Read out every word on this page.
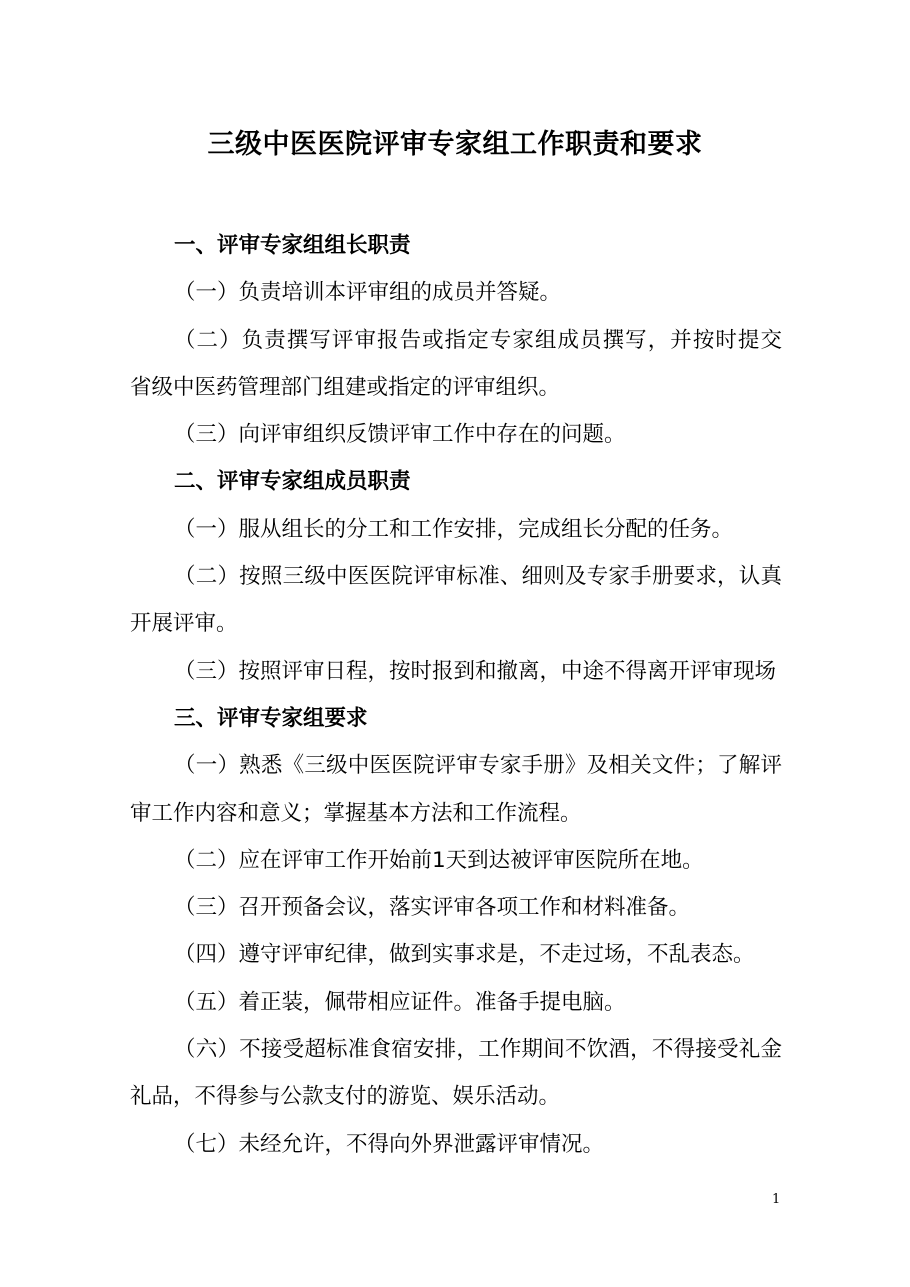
三级中医医院评审专家组工作职责和要求
一、评审专家组组长职责
（一）负责培训本评审组的成员并答疑。
（二）负责撰写评审报告或指定专家组成员撰写，并按时提交
省级中医药管理部门组建或指定的评审组织。
（三）向评审组织反馈评审工作中存在的问题。
二、评审专家组成员职责
（一）服从组长的分工和工作安排，完成组长分配的任务。
（二）按照三级中医医院评审标准、细则及专家手册要求，认真
开展评审。
（三）按照评审日程，按时报到和撤离，中途不得离开评审现场
三、评审专家组要求
（一）熟悉《三级中医医院评审专家手册》及相关文件；了解评
审工作内容和意义；掌握基本方法和工作流程。
（二）应在评审工作开始前1天到达被评审医院所在地。
（三）召开预备会议，落实评审各项工作和材料准备。
（四）遵守评审纪律，做到实事求是，不走过场，不乱表态。
（五）着正装，佩带相应证件。准备手提电脑。
（六）不接受超标准食宿安排，工作期间不饮酒，不得接受礼金
礼品，不得参与公款支付的游览、娱乐活动。
（七）未经允许，不得向外界泄露评审情况。
1
